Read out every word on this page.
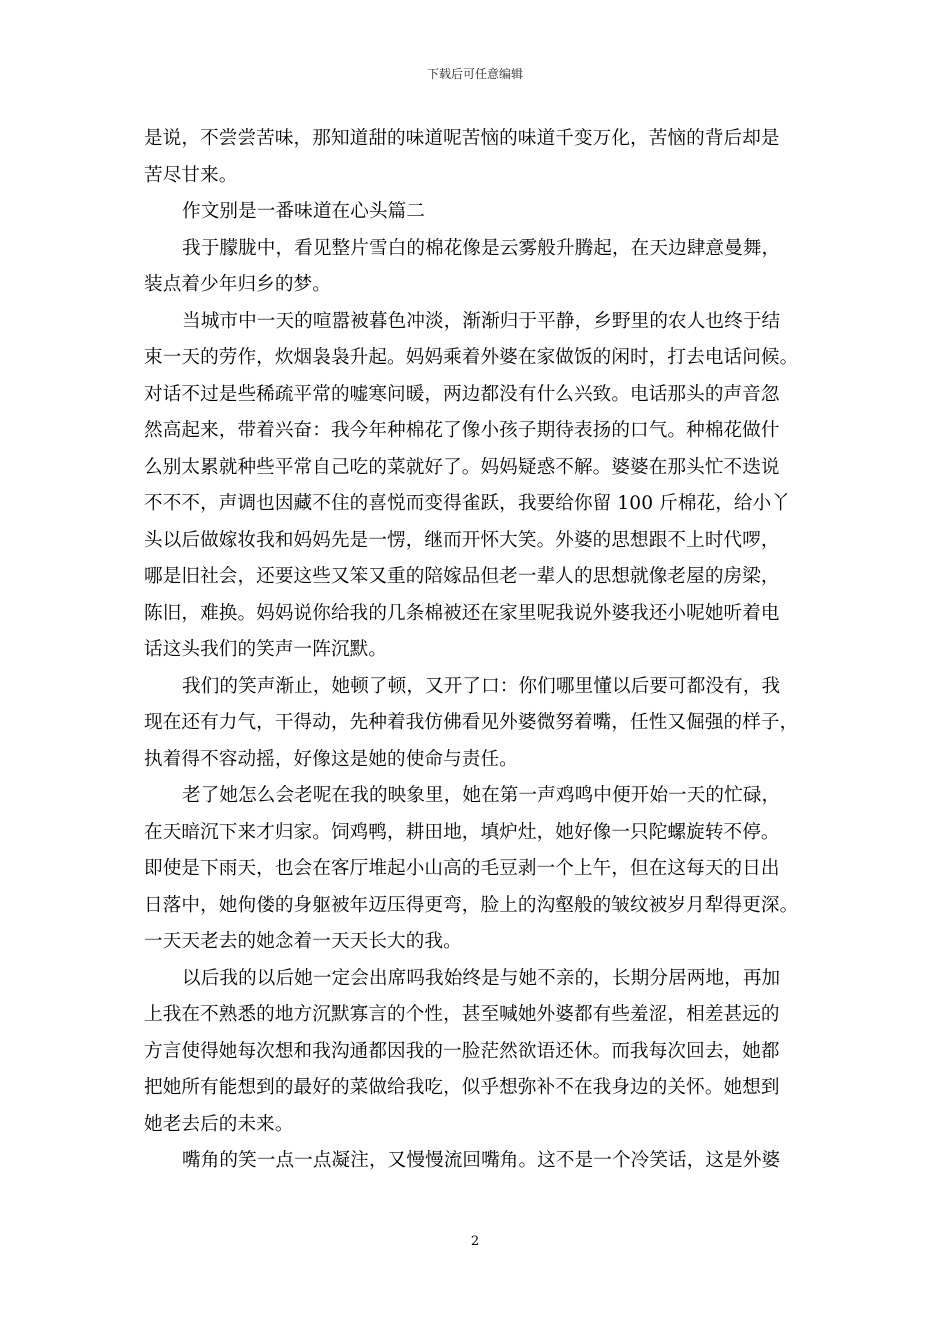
下载后可任意编辑
是说，不尝尝苦味，那知道甜的味道呢苦恼的味道千变万化，苦恼的背后却是
苦尽甘来。
作文别是一番味道在心头篇二
我于朦胧中，看见整片雪白的棉花像是云雾般升腾起，在天边肆意曼舞，
装点着少年归乡的梦。
当城市中一天的喧嚣被暮色冲淡，渐渐归于平静，乡野里的农人也终于结
束一天的劳作，炊烟袅袅升起。妈妈乘着外婆在家做饭的闲时，打去电话问候。
对话不过是些稀疏平常的嘘寒问暖，两边都没有什么兴致。电话那头的声音忽
然高起来，带着兴奋：我今年种棉花了像小孩子期待表扬的口气。种棉花做什
么别太累就种些平常自己吃的菜就好了。妈妈疑惑不解。婆婆在那头忙不迭说
不不不，声调也因藏不住的喜悦而变得雀跃，我要给你留 100 斤棉花，给小丫
头以后做嫁妆我和妈妈先是一愣，继而开怀大笑。外婆的思想跟不上时代啰，
哪是旧社会，还要这些又笨又重的陪嫁品但老一辈人的思想就像老屋的房梁，
陈旧，难换。妈妈说你给我的几条棉被还在家里呢我说外婆我还小呢她听着电
话这头我们的笑声一阵沉默。
我们的笑声渐止，她顿了顿，又开了口：你们哪里懂以后要可都没有，我
现在还有力气，干得动，先种着我仿佛看见外婆微努着嘴，任性又倔强的样子，
执着得不容动摇，好像这是她的使命与责任。
老了她怎么会老呢在我的映象里，她在第一声鸡鸣中便开始一天的忙碌，
在天暗沉下来才归家。饲鸡鸭，耕田地，填炉灶，她好像一只陀螺旋转不停。
即使是下雨天，也会在客厅堆起小山高的毛豆剥一个上午，但在这每天的日出
日落中，她佝偻的身躯被年迈压得更弯，脸上的沟壑般的皱纹被岁月犁得更深。
一天天老去的她念着一天天长大的我。
以后我的以后她一定会出席吗我始终是与她不亲的，长期分居两地，再加
上我在不熟悉的地方沉默寡言的个性，甚至喊她外婆都有些羞涩，相差甚远的
方言使得她每次想和我沟通都因我的一脸茫然欲语还休。而我每次回去，她都
把她所有能想到的最好的菜做给我吃，似乎想弥补不在我身边的关怀。她想到
她老去后的未来。
嘴角的笑一点一点凝注，又慢慢流回嘴角。这不是一个冷笑话，这是外婆
2
